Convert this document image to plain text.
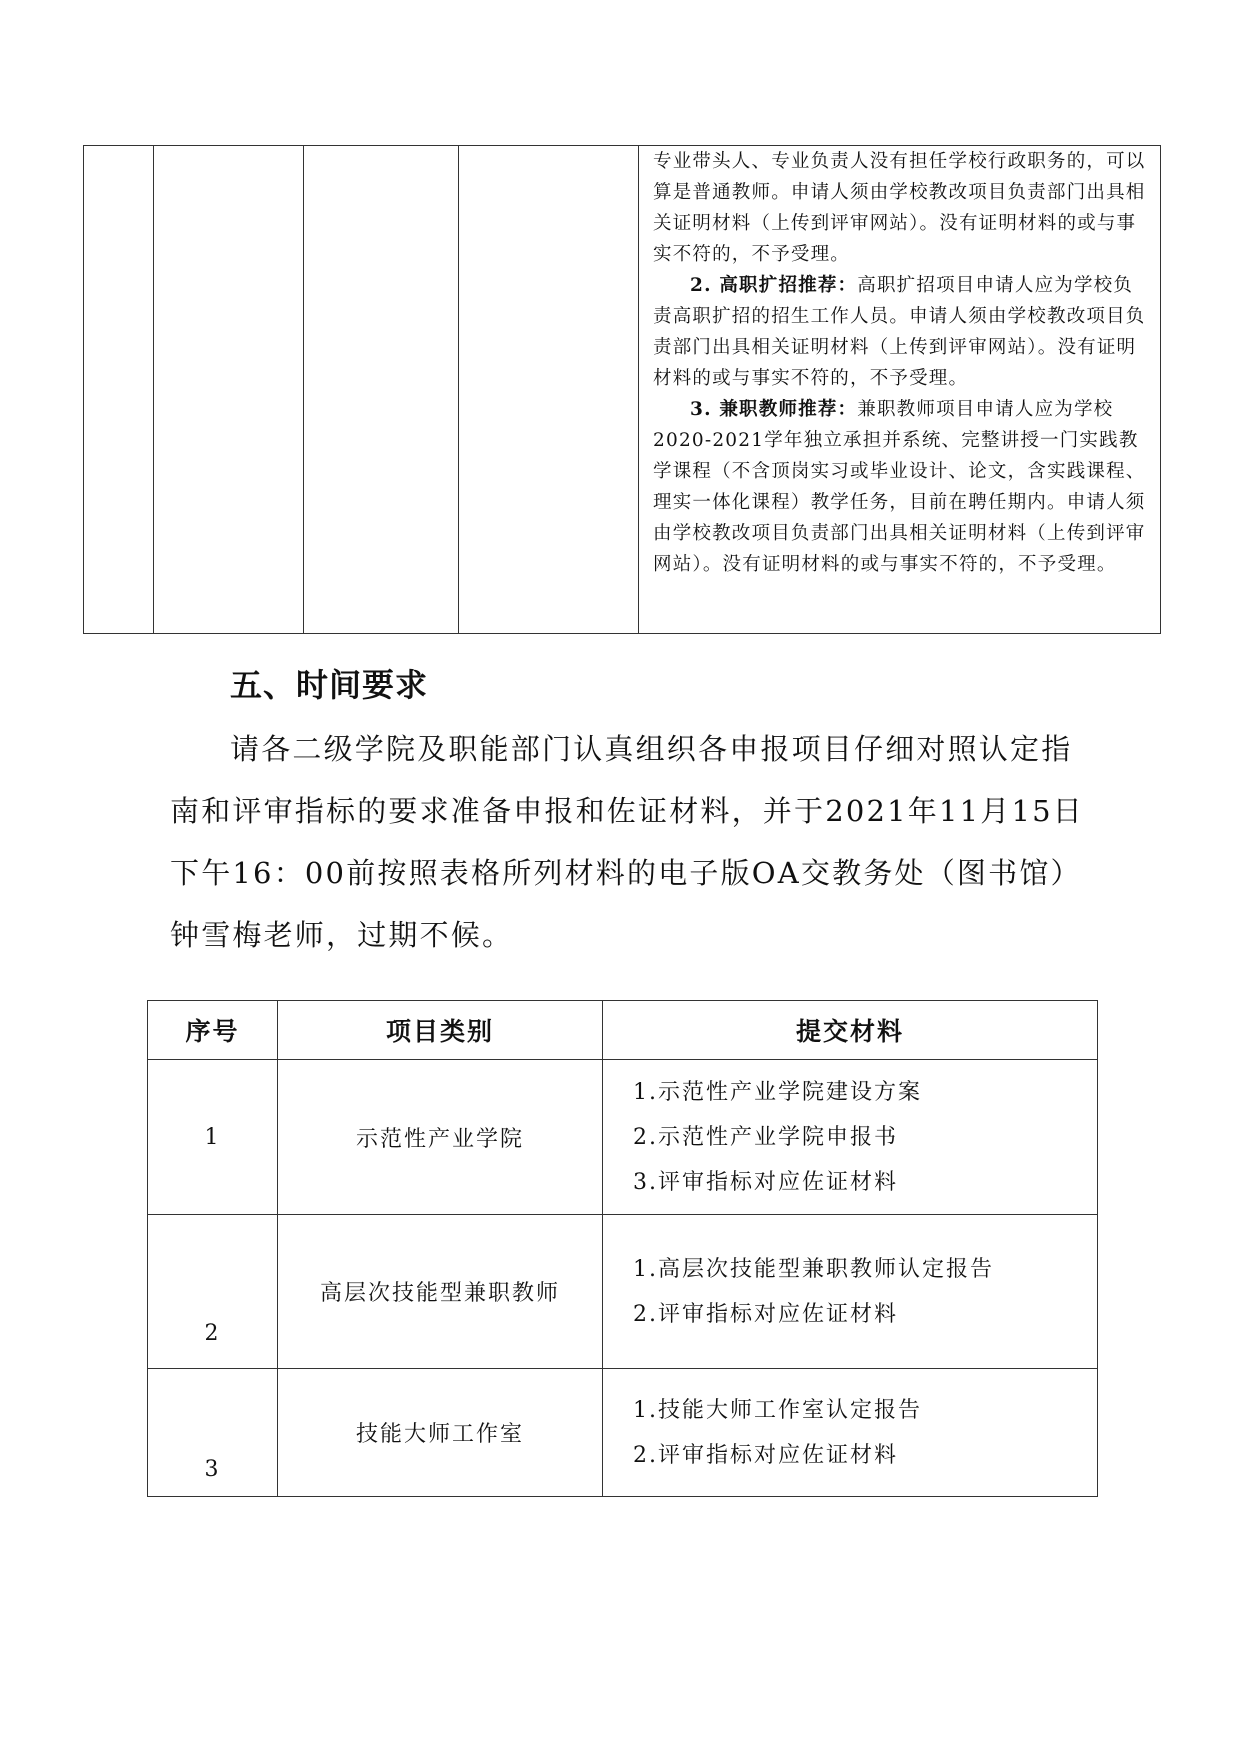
专业带头人、专业负责人没有担任学校行政职务的，可以算是普通教师。申请人须由学校教改项目负责部门出具相关证明材料（上传到评审网站）。没有证明材料的或与事实不符的，不予受理。

2. 高职扩招推荐：高职扩招项目申请人应为学校负责高职扩招的招生工作人员。申请人须由学校教改项目负责部门出具相关证明材料（上传到评审网站）。没有证明材料的或与事实不符的，不予受理。

3. 兼职教师推荐：兼职教师项目申请人应为学校2020-2021学年独立承担并系统、完整讲授一门实践教学课程（不含顶岗实习或毕业设计、论文，含实践课程、理实一体化课程）教学任务，目前在聘任期内。申请人须由学校教改项目负责部门出具相关证明材料（上传到评审网站）。没有证明材料的或与事实不符的，不予受理。

五、时间要求

请各二级学院及职能部门认真组织各申报项目仔细对照认定指南和评审指标的要求准备申报和佐证材料，并于2021年11月15日下午16：00前按照表格所列材料的电子版OA交教务处（图书馆）钟雪梅老师，过期不候。

序号	项目类别	提交材料
1	示范性产业学院	1.示范性产业学院建设方案
2.示范性产业学院申报书
3.评审指标对应佐证材料

2	高层次技能型兼职教师	1.高层次技能型兼职教师认定报告
2.评审指标对应佐证材料

3	技能大师工作室	1.技能大师工作室认定报告
2.评审指标对应佐证材料
